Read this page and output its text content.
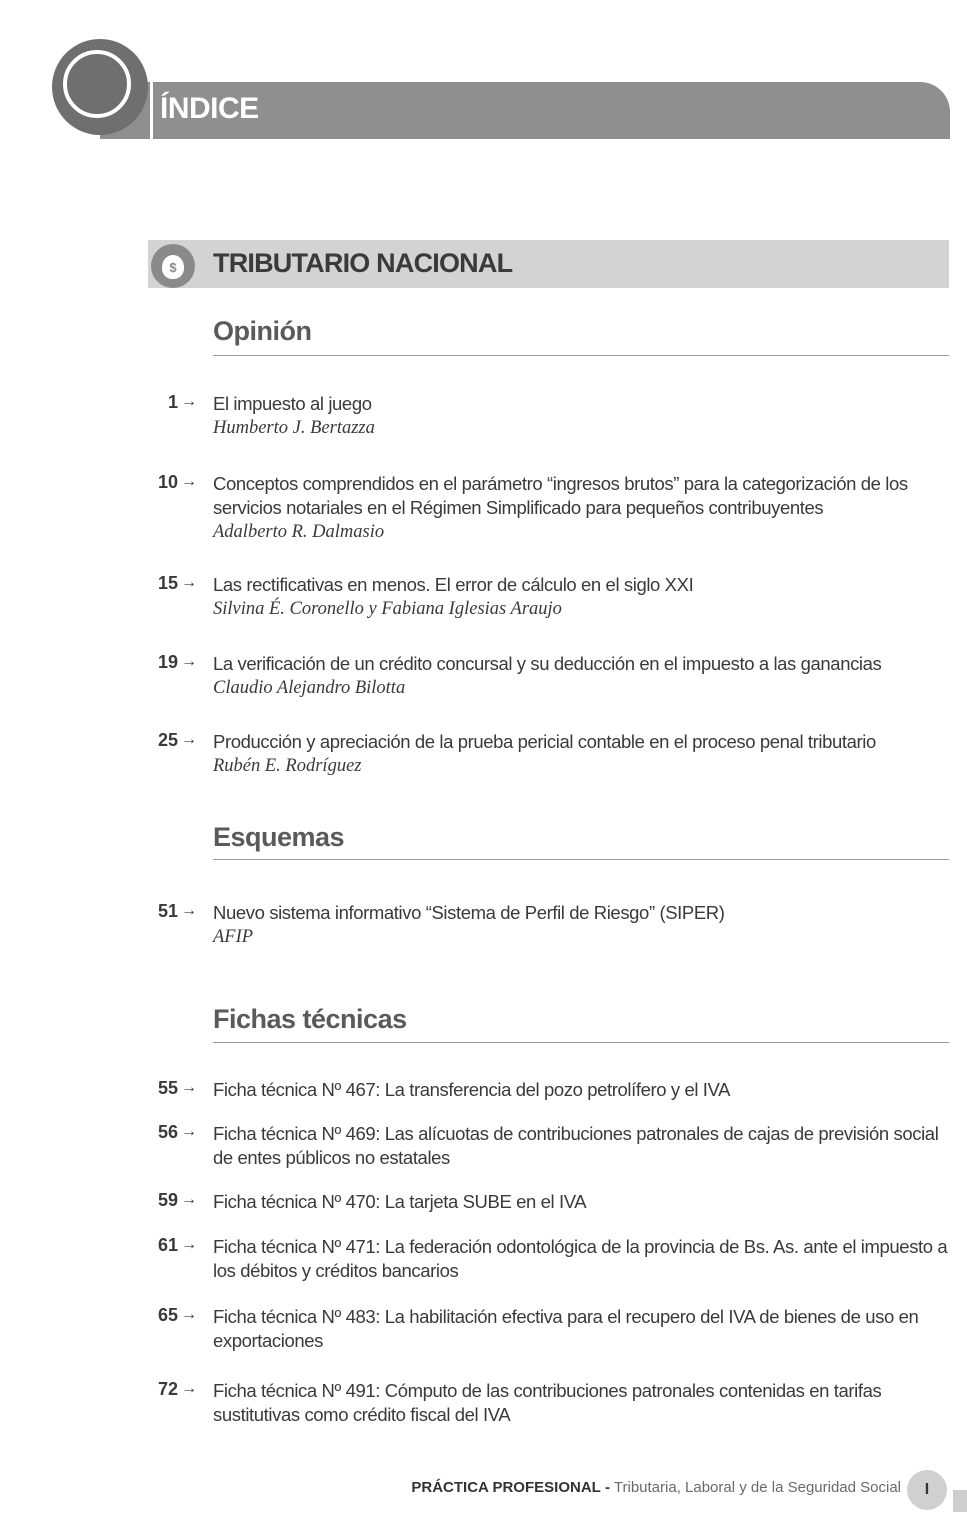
ÍNDICE
$ TRIBUTARIO NACIONAL
Opinión
1 → El impuesto al juego
Humberto J. Bertazza
10 → Conceptos comprendidos en el parámetro “ingresos brutos” para la categorización de los servicios notariales en el Régimen Simplificado para pequeños contribuyentes
Adalberto R. Dalmasio
15 → Las rectificativas en menos. El error de cálculo en el siglo XXI
Silvina É. Coronello y Fabiana Iglesias Araujo
19 → La verificación de un crédito concursal y su deducción en el impuesto a las ganancias
Claudio Alejandro Bilotta
25 → Producción y apreciación de la prueba pericial contable en el proceso penal tributario
Rubén E. Rodríguez
Esquemas
51 → Nuevo sistema informativo “Sistema de Perfil de Riesgo” (SIPER)
AFIP
Fichas técnicas
55 → Ficha técnica Nº 467: La transferencia del pozo petrolífero y el IVA
56 → Ficha técnica Nº 469: Las alícuotas de contribuciones patronales de cajas de previsión social de entes públicos no estatales
59 → Ficha técnica Nº 470: La tarjeta SUBE en el IVA
61 → Ficha técnica Nº 471: La federación odontológica de la provincia de Bs. As. ante el impuesto a los débitos y créditos bancarios
65 → Ficha técnica Nº 483: La habilitación efectiva para el recupero del IVA de bienes de uso en exportaciones
72 → Ficha técnica Nº 491: Cómputo de las contribuciones patronales contenidas en tarifas sustitutivas como crédito fiscal del IVA
PRÁCTICA PROFESIONAL - Tributaria, Laboral y de la Seguridad Social	I
